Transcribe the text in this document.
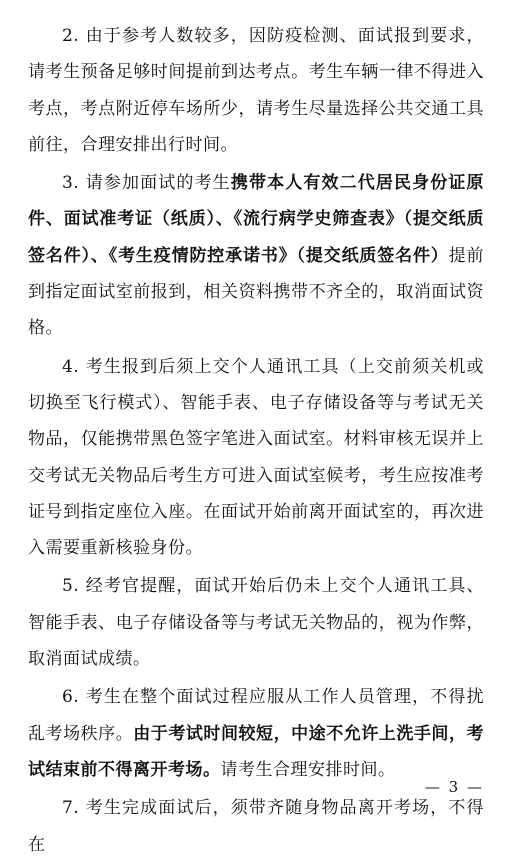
2. 由于参考人数较多，因防疫检测、面试报到要求，请考生预备足够时间提前到达考点。考生车辆一律不得进入考点，考点附近停车场所少，请考生尽量选择公共交通工具前往，合理安排出行时间。

3. 请参加面试的考生携带本人有效二代居民身份证原件、面试准考证（纸质）、《流行病学史筛查表》（提交纸质签名件）、《考生疫情防控承诺书》（提交纸质签名件）提前到指定面试室前报到，相关资料携带不齐全的，取消面试资格。

4. 考生报到后须上交个人通讯工具（上交前须关机或切换至飞行模式）、智能手表、电子存储设备等与考试无关物品，仅能携带黑色签字笔进入面试室。材料审核无误并上交考试无关物品后考生方可进入面试室候考，考生应按准考证号到指定座位入座。在面试开始前离开面试室的，再次进入需要重新核验身份。

5. 经考官提醒，面试开始后仍未上交个人通讯工具、智能手表、电子存储设备等与考试无关物品的，视为作弊，取消面试成绩。

6. 考生在整个面试过程应服从工作人员管理，不得扰乱考场秩序。由于考试时间较短，中途不允许上洗手间，考试结束前不得离开考场。请考生合理安排时间。

7. 考生完成面试后，须带齐随身物品离开考场，不得在

— 3 —
